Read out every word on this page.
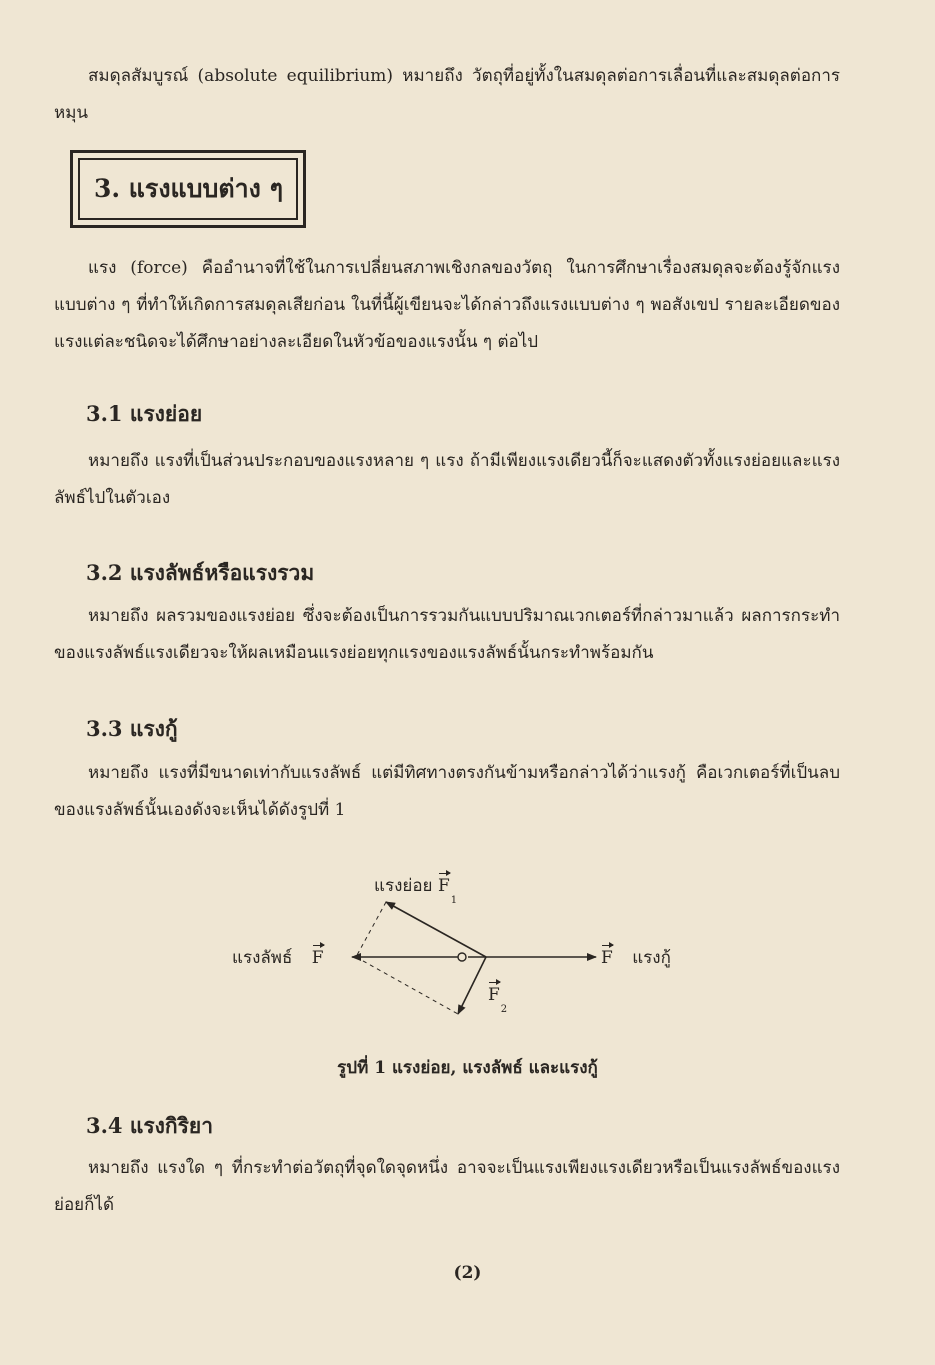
สมดุลสัมบูรณ์ (absolute equilibrium) หมายถึง วัตถุที่อยู่ทั้งในสมดุลต่อการเลื่อนที่และสมดุลต่อการหมุน

3. แรงแบบต่าง ๆ

แรง (force) คืออำนาจที่ใช้ในการเปลี่ยนสภาพเชิงกลของวัตถุ ในการศึกษาเรื่องสมดุลจะต้องรู้จักแรงแบบต่าง ๆ ที่ทำให้เกิดการสมดุลเสียก่อน ในที่นี้ผู้เขียนจะได้กล่าวถึงแรงแบบต่าง ๆ พอสังเขป รายละเอียดของแรงแต่ละชนิดจะได้ศึกษาอย่างละเอียดในหัวข้อของแรงนั้น ๆ ต่อไป

3.1 แรงย่อย

หมายถึง แรงที่เป็นส่วนประกอบของแรงหลาย ๆ แรง ถ้ามีเพียงแรงเดียวนี้ก็จะแสดงตัวทั้งแรงย่อยและแรงลัพธ์ไปในตัวเอง

3.2 แรงลัพธ์หรือแรงรวม

หมายถึง ผลรวมของแรงย่อย ซึ่งจะต้องเป็นการรวมกันแบบปริมาณเวกเตอร์ที่กล่าวมาแล้ว ผลการกระทำของแรงลัพธ์แรงเดียวจะให้ผลเหมือนแรงย่อยทุกแรงของแรงลัพธ์นั้นกระทำพร้อมกัน

3.3 แรงกู้

หมายถึง แรงที่มีขนาดเท่ากับแรงลัพธ์ แต่มีทิศทางตรงกันข้ามหรือกล่าวได้ว่าแรงกู้ คือเวกเตอร์ที่เป็นลบของแรงลัพธ์นั้นเองดังจะเห็นได้ดังรูปที่ 1

แรงย่อย $F_1$
แรงลัพธ์ F	F แรงกู้
$F_2$
รูปที่ 1 แรงย่อย, แรงลัพธ์ และแรงกู้
3.4 แรงกิริยา

หมายถึง แรงใด ๆ ที่กระทำต่อวัตถุที่จุดใดจุดหนึ่ง อาจจะเป็นแรงเพียงแรงเดียวหรือเป็นแรงลัพธ์ของแรงย่อยก็ได้

(2)
